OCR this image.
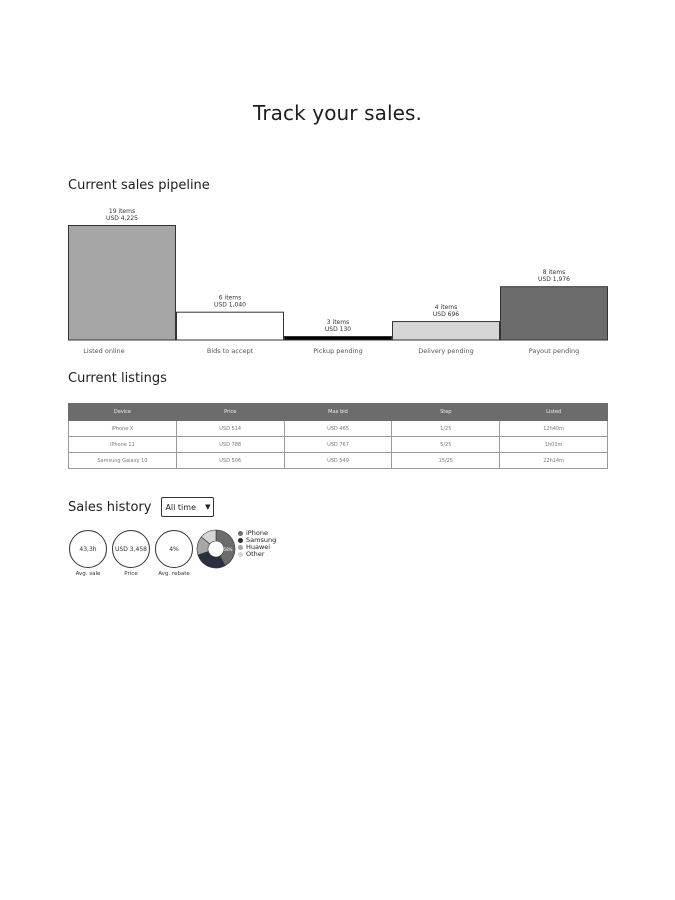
Track your sales.
Current sales pipeline
19 items
USD 4,225
Listed online
6 items
USD 1,040
Bids to accept
3 items
USD 130
Pickup pending
4 items
USD 696
Delivery pending
8 items
USD 1,976
Payout pending
Current listings
Device	Price	Max bid	Step	Listed
iPhone X	USD 514	USD 465	1/25	12h40m
iPhone 11	USD 788	USD 767	5/25	1h01m
Samsung Galaxy 10	USD 506	USD 549	15/25	22h14m
Sales history All time ▼
43,3h
Avg. sale
USD 3,458
Price
4%
Avg. rebate
58%
iPhone
Samsung
Huawei
Other
